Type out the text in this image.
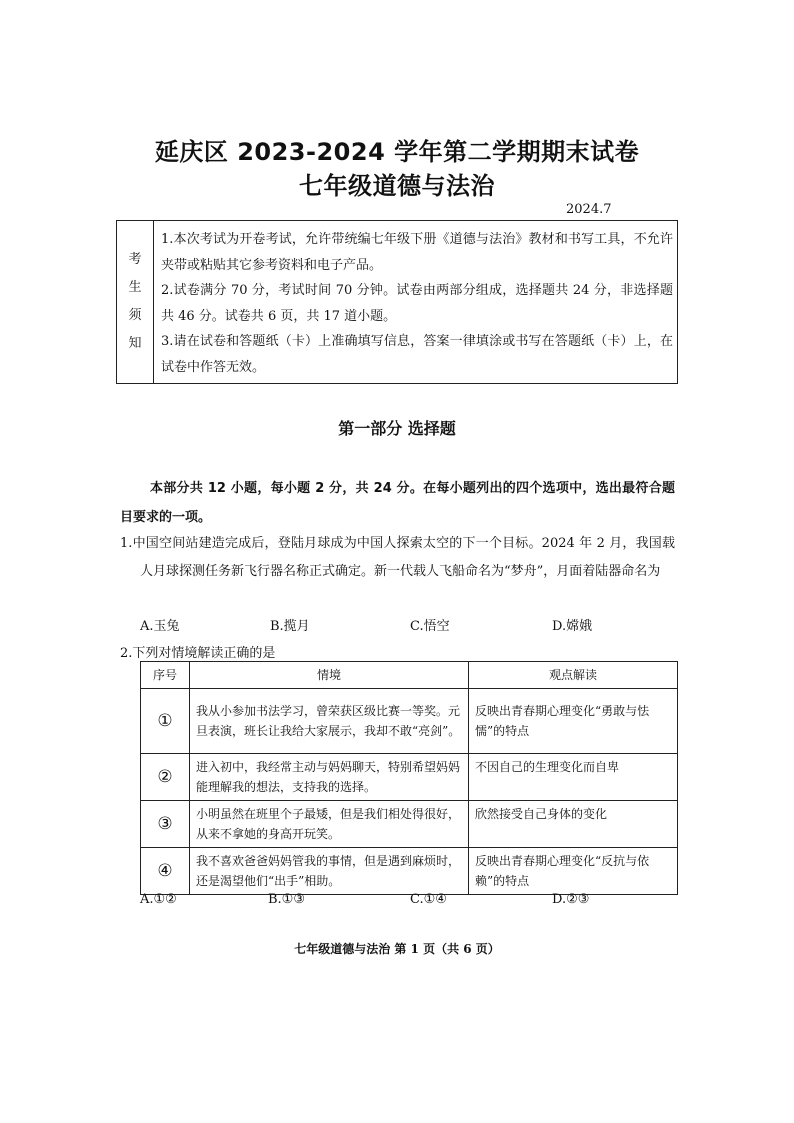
延庆区 2023-2024 学年第二学期期末试卷
七年级道德与法治
2024.7
考
生
须
知

1.本次考试为开卷考试，允许带统编七年级下册《道德与法治》教材和书写工具，不允许夹带或粘贴其它参考资料和电子产品。

2.试卷满分 70 分，考试时间 70 分钟。试卷由两部分组成，选择题共 24 分，非选择题共 46 分。试卷共 6 页，共 17 道小题。

3.请在试卷和答题纸（卡）上准确填写信息，答案一律填涂或书写在答题纸（卡）上，在试卷中作答无效。

第一部分 选择题
本部分共 12 小题，每小题 2 分，共 24 分。在每小题列出的四个选项中，选出最符合题目要求的一项。
1.中国空间站建造完成后，登陆月球成为中国人探索太空的下一个目标。2024 年 2 月，我国载人月球探测任务新飞行器名称正式确定。新一代载人飞船命名为“梦舟”，月面着陆器命名为
A.玉兔	B.揽月	C.悟空	D.嫦娥
2.下列对情境解读正确的是
序号	情境	观点解读
①	我从小参加书法学习，曾荣获区级比赛一等奖。元旦表演，班长让我给大家展示，我却不敢“亮剑”。	反映出青春期心理变化“勇敢与怯懦”的特点
②	进入初中，我经常主动与妈妈聊天，特别希望妈妈能理解我的想法，支持我的选择。	不因自己的生理变化而自卑
③	小明虽然在班里个子最矮，但是我们相处得很好，从来不拿她的身高开玩笑。	欣然接受自己身体的变化
④	我不喜欢爸爸妈妈管我的事情，但是遇到麻烦时，还是渴望他们“出手”相助。	反映出青春期心理变化“反抗与依赖”的特点
A.①②	B.①③	C.①④	D.②③
七年级道德与法治 第 1 页（共 6 页）
